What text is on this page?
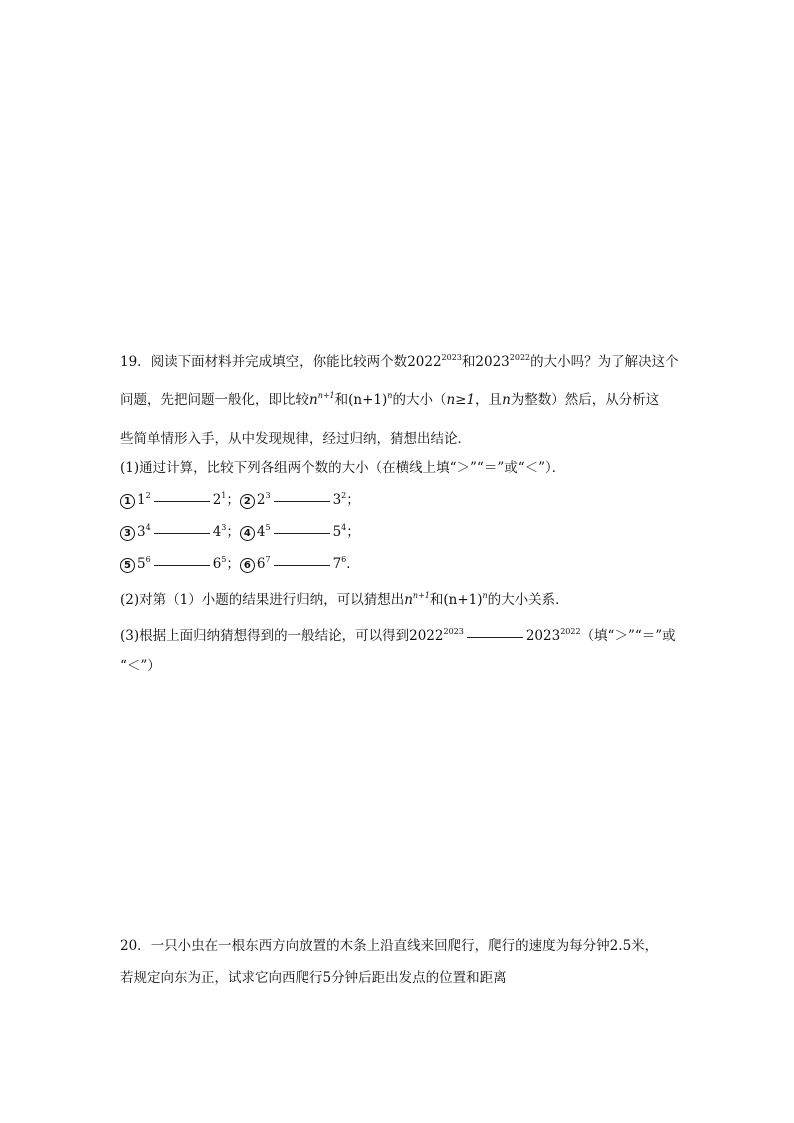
19．阅读下面材料并完成填空，你能比较两个数$2022^{2023}$和$2023^{2022}$的大小吗？为了解决这个
问题，先把问题一般化，即比较$n^{n+1}$和$(n+1)^n$的大小（n≥1，且n为整数）然后，从分析这
些简单情形入手，从中发现规律，经过归纳，猜想出结论．
(1)通过计算，比较下列各组两个数的大小（在横线上填“＞”“＝”或“＜”）．
1 $1^2$	$2^1$； 2 $2^3$	$3^2$；
3 $3^4$	$4^3$； 4 $4^5$	$5^4$；
5 $5^6$	$6^5$； 6 $6^7$	$7^6$．
(2)对第（1）小题的结果进行归纳，可以猜想出$n^{n+1}$和$(n+1)^n$的大小关系．
(3)根据上面归纳猜想得到的一般结论，可以得到$2022^{2023}$	$2023^{2022}$（填“＞”“＝”或
“＜”）
20．一只小虫在一根东西方向放置的木条上沿直线来回爬行，爬行的速度为每分钟2.5米，
若规定向东为正，试求它向西爬行5分钟后距出发点的位置和距离
